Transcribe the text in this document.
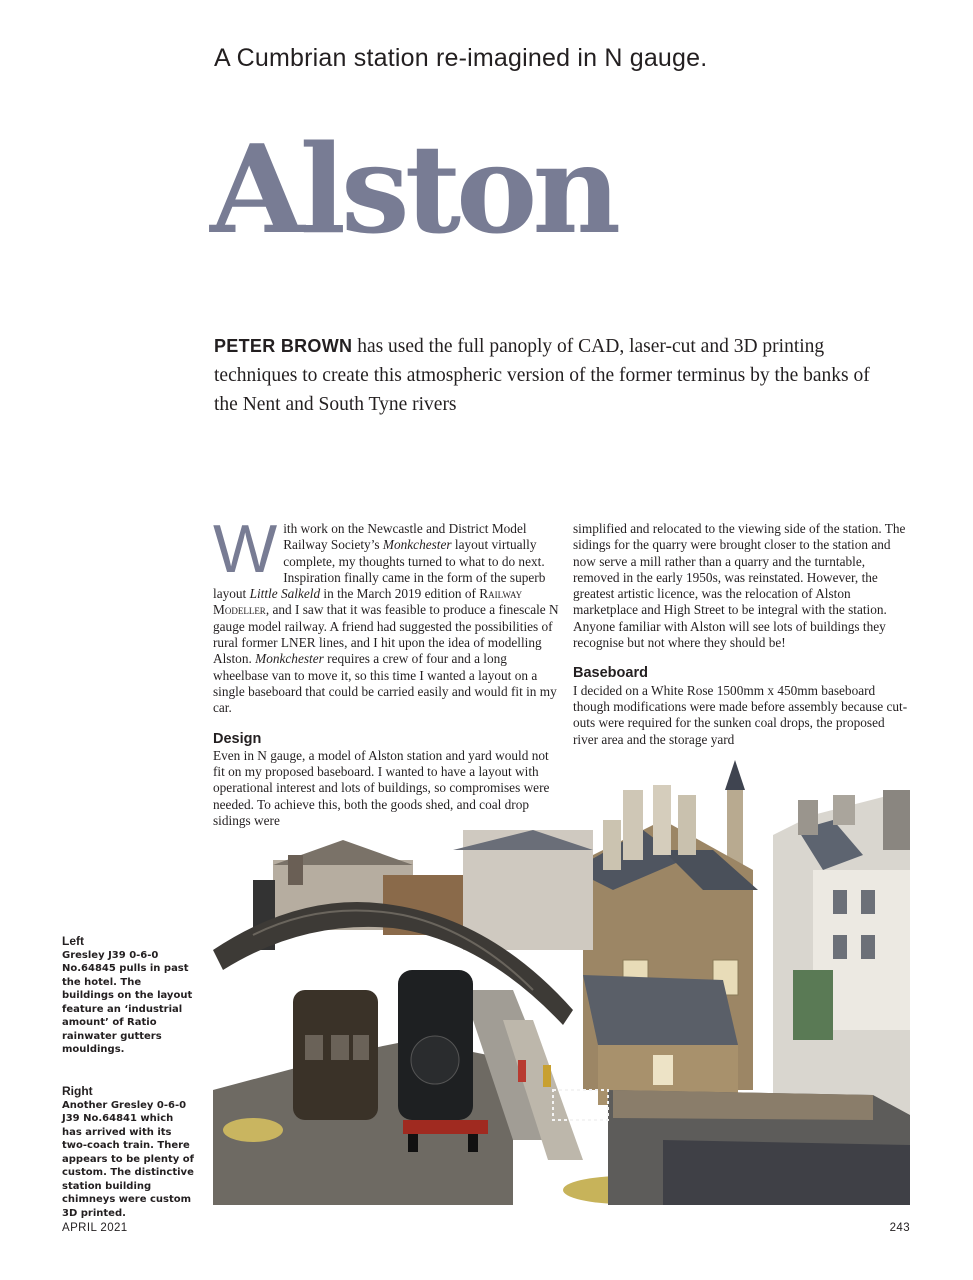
A Cumbrian station re-imagined in N gauge.
Alston
PETER BROWN has used the full panoply of CAD, laser-cut and 3D printing techniques to create this atmospheric version of the former terminus by the banks of the Nent and South Tyne rivers

With work on the Newcastle and District Model Railway Society’s Monkchester layout virtually complete, my thoughts turned to what to do next. Inspiration finally came in the form of the superb layout Little Salkeld in the March 2019 edition of Railway Modeller, and I saw that it was feasible to produce a finescale N gauge model railway. A friend had suggested the possibilities of rural former LNER lines, and I hit upon the idea of modelling Alston. Monkchester requires a crew of four and a long wheelbase van to move it, so this time I wanted a layout on a single baseboard that could be carried easily and would fit in my car.

Design

Even in N gauge, a model of Alston station and yard would not fit on my proposed baseboard. I wanted to have a layout with operational interest and lots of buildings, so compromises were needed. To achieve this, both the goods shed, and coal drop sidings were

simplified and relocated to the viewing side of the station. The sidings for the quarry were brought closer to the station and now serve a mill rather than a quarry and the turntable, removed in the early 1950s, was reinstated. However, the greatest artistic licence, was the relocation of Alston marketplace and High Street to be integral with the station. Anyone familiar with Alston will see lots of buildings they recognise but not where they should be!

Baseboard

I decided on a White Rose 1500mm x 450mm baseboard though modifications were made before assembly because cut-outs were required for the sunken coal drops, the proposed river area and the storage yard

Left
Gresley J39 0-6-0 No.64845 pulls in past the hotel. The buildings on the layout feature an ‘industrial amount’ of Ratio rainwater gutters mouldings.
Right
Another Gresley 0-6-0 J39 No.64841 which has arrived with its two-coach train. There appears to be plenty of custom. The distinctive station building chimneys were custom 3D printed.
APRIL 2021	243
